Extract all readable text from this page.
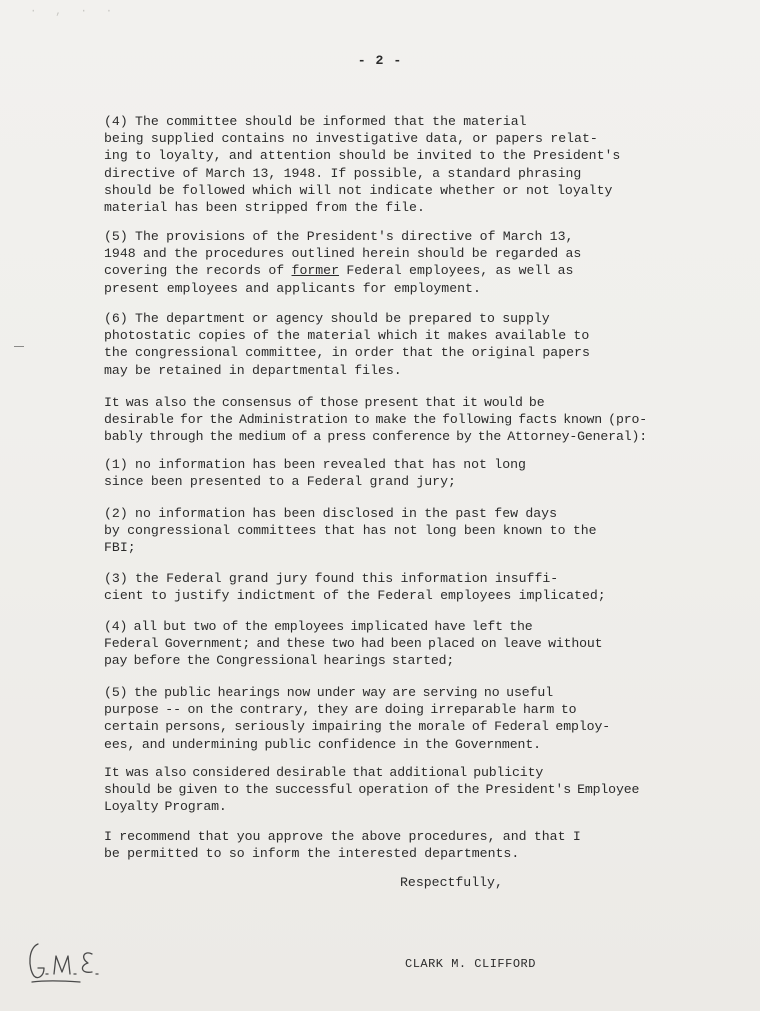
· , · ·
- 2 -

(4) The committee should be informed that the material
being supplied contains no investigative data, or papers relat-
ing to loyalty, and attention should be invited to the President's
directive of March 13, 1948. If possible, a standard phrasing
should be followed which will not indicate whether or not loyalty
material has been stripped from the file.

(5) The provisions of the President's directive of March 13,
1948 and the procedures outlined herein should be regarded as
covering the records of former Federal employees, as well as
present employees and applicants for employment.

(6) The department or agency should be prepared to supply
photostatic copies of the material which it makes available to
the congressional committee, in order that the original papers
may be retained in departmental files.

It was also the consensus of those present that it would be
desirable for the Administration to make the following facts known (pro-
bably through the medium of a press conference by the Attorney-General):

(1) no information has been revealed that has not long
since been presented to a Federal grand jury;

(2) no information has been disclosed in the past few days
by congressional committees that has not long been known to the
FBI;

(3) the Federal grand jury found this information insuffi-
cient to justify indictment of the Federal employees implicated;

(4) all but two of the employees implicated have left the
Federal Government; and these two had been placed on leave without
pay before the Congressional hearings started;

(5) the public hearings now under way are serving no useful
purpose -- on the contrary, they are doing irreparable harm to
certain persons, seriously impairing the morale of Federal employ-
ees, and undermining public confidence in the Government.

It was also considered desirable that additional publicity
should be given to the successful operation of the President's Employee
Loyalty Program.

I recommend that you approve the above procedures, and that I
be permitted to so inform the interested departments.

Respectfully,

CLARK M. CLIFFORD
